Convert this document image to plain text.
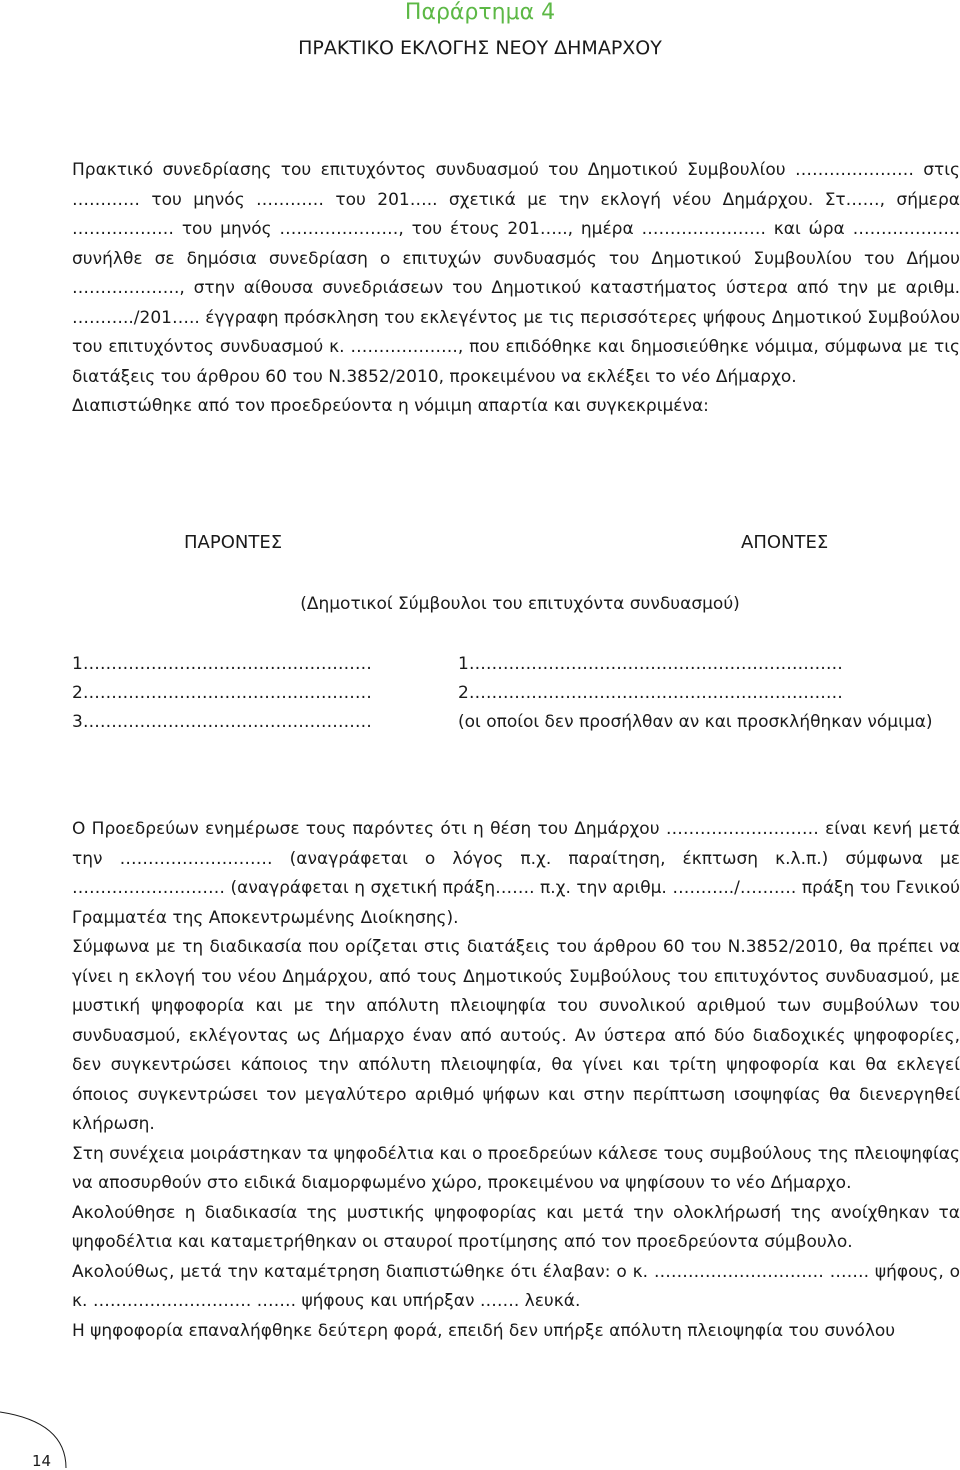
Παράρτημα 4
ΠΡΑΚΤΙΚΟ ΕΚΛΟΓΗΣ ΝΕΟΥ ΔΗΜΑΡΧΟΥ

Πρακτικό συνεδρίασης του επιτυχόντος συνδυασμού του Δημοτικού Συμβουλίου ………………… στις ………… του μηνός ………… του 201….. σχετικά με την εκλογή νέου Δημάρχου. Στ……, σήμερα ……………… του μηνός …………………, του έτους 201….., ημέρα …………………. και ώρα ………………. συνήλθε σε δημόσια συνεδρίαση ο επιτυχών συνδυασμός του Δημοτικού Συμβουλίου του Δήμου ………………., στην αίθουσα συνεδριάσεων του Δημοτικού καταστήματος ύστερα από την με αριθμ. ………../201….. έγγραφη πρόσκληση του εκλεγέντος με τις περισσότερες ψήφους Δημοτικού Συμβούλου του επιτυχόντος συνδυασμού κ. ………………., που επιδόθηκε και δημοσιεύθηκε νόμιμα, σύμφωνα με τις διατάξεις του άρθρου 60 του Ν.3852/2010, προκειμένου να εκλέξει το νέο Δήμαρχο.

Διαπιστώθηκε από τον προεδρεύοντα η νόμιμη απαρτία και συγκεκριμένα:

ΠΑΡΟΝΤΕΣ	ΑΠΟΝΤΕΣ
(Δημοτικοί Σύμβουλοι του επιτυχόντα συνδυασμού)
1……………………………………………
2……………………………………………
3……………………………………………
1…………………………………………………………
2…………………………………………………………
(οι οποίοι δεν προσήλθαν αν και προσκλήθηκαν νόμιμα)

Ο Προεδρεύων ενημέρωσε τους παρόντες ότι η θέση του Δημάρχου ……………………… είναι κενή μετά την ……………………… (αναγράφεται ο λόγος π.χ. παραίτηση, έκπτωση κ.λ.π.) σύμφωνα με ……………………… (αναγράφεται η σχετική πράξη……. π.χ. την αριθμ. ………../………. πράξη του Γενικού Γραμματέα της Αποκεντρωμένης Διοίκησης).

Σύμφωνα με τη διαδικασία που ορίζεται στις διατάξεις του άρθρου 60 του Ν.3852/2010, θα πρέπει να γίνει η εκλογή του νέου Δημάρχου, από τους Δημοτικούς Συμβούλους του επιτυχόντος συνδυασμού, με μυστική ψηφοφορία και με την απόλυτη πλειοψηφία του συνολικού αριθμού των συμβούλων του συνδυασμού, εκλέγοντας ως Δήμαρχο έναν από αυτούς. Αν ύστερα από δύο διαδοχικές ψηφοφορίες, δεν συγκεντρώσει κάποιος την απόλυτη πλειοψηφία, θα γίνει και τρίτη ψηφοφορία και θα εκλεγεί όποιος συγκεντρώσει τον μεγαλύτερο αριθμό ψήφων και στην περίπτωση ισοψηφίας θα διενεργηθεί κλήρωση.

Στη συνέχεια μοιράστηκαν τα ψηφοδέλτια και ο προεδρεύων κάλεσε τους συμβούλους της πλειοψηφίας να αποσυρθούν στο ειδικά διαμορφωμένο χώρο, προκειμένου να ψηφίσουν το νέο Δήμαρχο.

Ακολούθησε η διαδικασία της μυστικής ψηφοφορίας και μετά την ολοκλήρωσή της ανοίχθηκαν τα ψηφοδέλτια και καταμετρήθηκαν οι σταυροί προτίμησης από τον προεδρεύοντα σύμβουλο.

Ακολούθως, μετά την καταμέτρηση διαπιστώθηκε ότι έλαβαν: ο κ. ………………………… ……. ψήφους, ο κ. ………………………. ……. ψήφους και υπήρξαν ……. λευκά.

Η ψηφοφορία επαναλήφθηκε δεύτερη φορά, επειδή δεν υπήρξε απόλυτη πλειοψηφία του συνόλου

14
